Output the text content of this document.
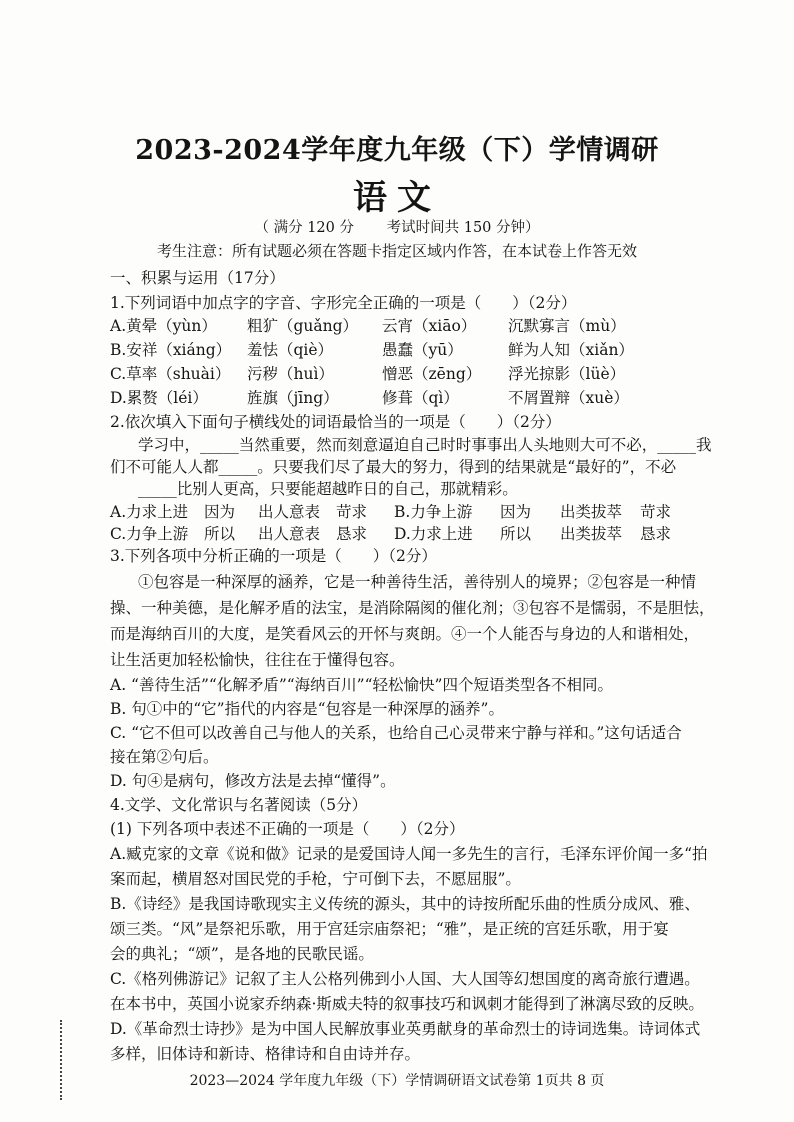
2023-2024学年度九年级（下）学情调研
语文
（ 满分 120 分 考试时间共 150 分钟）
考生注意：所有试题必须在答题卡指定区域内作答，在本试卷上作答无效
一、积累与运用（17分）
1.下列词语中加点字的字音、字形完全正确的一项是（　　）（2分）
A.黄晕（yùn） 粗犷（guǎng） 云宵（xiāo） 沉默寡言（mù）
B.安祥（xiáng） 羞怯（qiè）	愚蠢（yū）	鲜为人知（xiǎn）
C.草率（shuài） 污秽（huì）	憎恶（zēng） 浮光掠影（lüè）
D.累赘（léi）	旌旗（jīng）	修葺（qì）	不屑置辩（xuè）
2.依次填入下面句子横线处的词语最恰当的一项是（　　）（2分）
学习中，_____当然重要，然而刻意逼迫自己时时事事出人头地则大可不必，_____我
们不可能人人都_____。只要我们尽了最大的努力，得到的结果就是“最好的”，不必
_____比别人更高，只要能超越昨日的自己，那就精彩。
A.力求上进 因为 出人意表 苛求 B.力争上游 因为 出类拔萃 苛求
C.力争上游 所以 出人意表 恳求 D.力求上进 所以 出类拔萃 恳求
3.下列各项中分析正确的一项是（　　）（2分）
①包容是一种深厚的涵养，它是一种善待生活，善待别人的境界；②包容是一种情
操、一种美德，是化解矛盾的法宝，是消除隔阂的催化剂；③包容不是懦弱，不是胆怯，
而是海纳百川的大度，是笑看风云的开怀与爽朗。④一个人能否与身边的人和谐相处，
让生活更加轻松愉快，往往在于懂得包容。
A. “善待生活”“化解矛盾”“海纳百川”“轻松愉快”四个短语类型各不相同。
B. 句①中的“它”指代的内容是“包容是一种深厚的涵养”。
C. “它不但可以改善自己与他人的关系，也给自己心灵带来宁静与祥和。”这句话适合
接在第②句后。
D. 句④是病句，修改方法是去掉“懂得”。
4.文学、文化常识与名著阅读（5分）
(1) 下列各项中表述不正确的一项是（　　）（2分）
A.臧克家的文章《说和做》记录的是爱国诗人闻一多先生的言行，毛泽东评价闻一多“拍
案而起，横眉怒对国民党的手枪，宁可倒下去，不愿屈服”。
B.《诗经》是我国诗歌现实主义传统的源头，其中的诗按所配乐曲的性质分成风、雅、
颂三类。“风”是祭祀乐歌，用于宫廷宗庙祭祀；“雅”，是正统的宫廷乐歌，用于宴
会的典礼；“颂”，是各地的民歌民谣。
C.《格列佛游记》记叙了主人公格列佛到小人国、大人国等幻想国度的离奇旅行遭遇。
在本书中，英国小说家乔纳森·斯威夫特的叙事技巧和讽刺才能得到了淋漓尽致的反映。
D.《革命烈士诗抄》是为中国人民解放事业英勇献身的革命烈士的诗词选集。诗词体式
多样，旧体诗和新诗、格律诗和自由诗并存。
2023—2024 学年度九年级（下）学情调研语文试卷第 1页共 8 页
